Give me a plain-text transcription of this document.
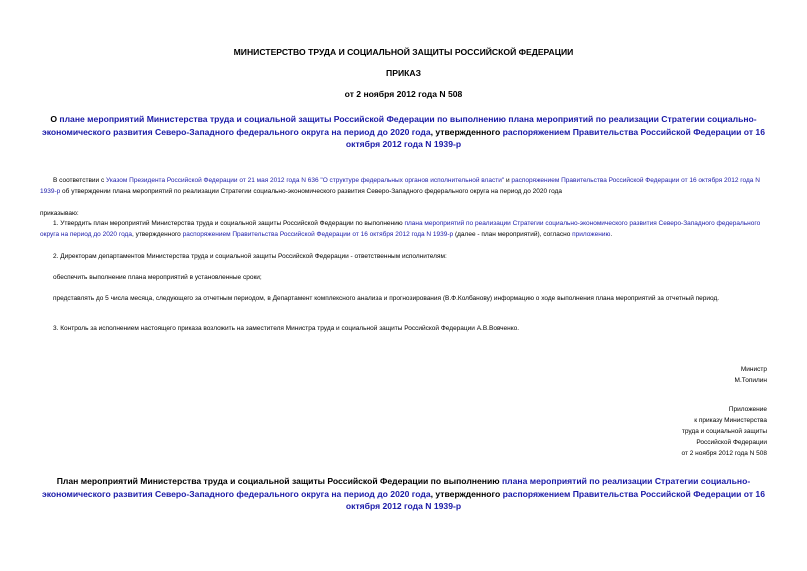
МИНИСТЕРСТВО ТРУДА И СОЦИАЛЬНОЙ ЗАЩИТЫ РОССИЙСКОЙ ФЕДЕРАЦИИ
ПРИКАЗ
от 2 ноября 2012 года N 508
О плане мероприятий Министерства труда и социальной защиты Российской Федерации по выполнению плана мероприятий по реализации Стратегии социально-экономического развития Северо-Западного федерального округа на период до 2020 года, утвержденного распоряжением Правительства Российской Федерации от 16 октября 2012 года N 1939-р
В соответствии с Указом Президента Российской Федерации от 21 мая 2012 года N 636 "О структуре федеральных органов исполнительной власти" и распоряжением Правительства Российской Федерации от 16 октября 2012 года N 1939-р об утверждении плана мероприятий по реализации Стратегии социально-экономического развития Северо-Западного федерального округа на период до 2020 года
приказываю:
1. Утвердить план мероприятий Министерства труда и социальной защиты Российской Федерации по выполнению плана мероприятий по реализации Стратегии социально-экономического развития Северо-Западного федерального округа на период до 2020 года, утвержденного распоряжением Правительства Российской Федерации от 16 октября 2012 года N 1939-р (далее - план мероприятий), согласно приложению.
2. Директорам департаментов Министерства труда и социальной защиты Российской Федерации - ответственным исполнителям:
обеспечить выполнение плана мероприятий в установленные сроки;
представлять до 5 числа месяца, следующего за отчетным периодом, в Департамент комплексного анализа и прогнозирования (В.Ф.Колбанову) информацию о ходе выполнения плана мероприятий за отчетный период.
3. Контроль за исполнением настоящего приказа возложить на заместителя Министра труда и социальной защиты Российской Федерации А.В.Вовченко.
Министр
М.Топилин
Приложение
к приказу Министерства
труда и социальной защиты
Российской Федерации
от 2 ноября 2012 года N 508
План мероприятий Министерства труда и социальной защиты Российской Федерации по выполнению плана мероприятий по реализации Стратегии социально-экономического развития Северо-Западного федерального округа на период до 2020 года, утвержденного распоряжением Правительства Российской Федерации от 16 октября 2012 года N 1939-р
